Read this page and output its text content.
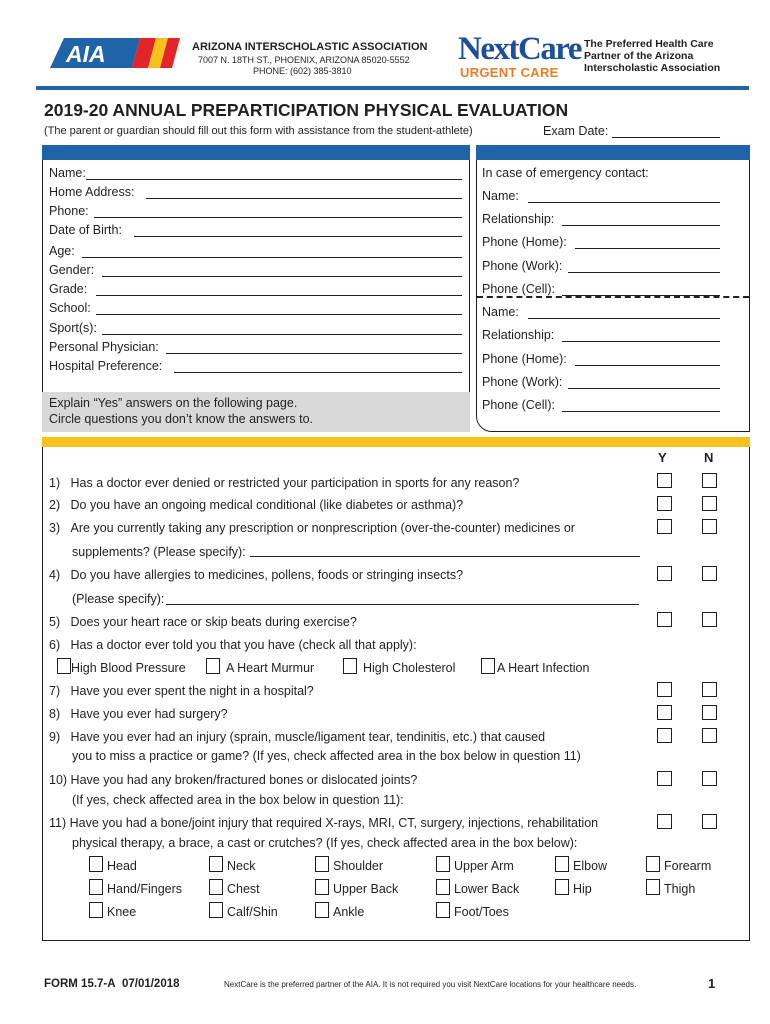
AIA	ARIZONA INTERSCHOLASTIC ASSOCIATION
7007 N. 18TH ST., PHOENIX, ARIZONA 85020-5552
PHONE: (602) 385-3810
NextCare
URGENT CARE
The Preferred Health Care
Partner of the Arizona
Interscholastic Association
2019-20 ANNUAL PREPARTICIPATION PHYSICAL EVALUATION
(The parent or guardian should fill out this form with assistance from the student-athlete)	Exam Date:
Name:
Home Address:
Phone:
Date of Birth:
Age:
Gender:
Grade:
School:
Sport(s):
Personal Physician:
Hospital Preference:
Explain “Yes” answers on the following page.
Circle questions you don’t know the answers to.
In case of emergency contact:
Name:
Relationship:
Phone (Home):
Phone (Work):
Phone (Cell):
Name:
Relationship:
Phone (Home):
Phone (Work):
Phone (Cell):
Y	N
1)   Has a doctor ever denied or restricted your participation in sports for any reason?
2)   Do you have an ongoing medical conditional (like diabetes or asthma)?
3)   Are you currently taking any prescription or nonprescription (over-the-counter) medicines or
supplements? (Please specify):
4)   Do you have allergies to medicines, pollens, foods or stringing insects?
(Please specify):
5)   Does your heart race or skip beats during exercise?
6)   Has a doctor ever told you that you have (check all that apply):
High Blood Pressure	A Heart Murmur	High Cholesterol	A Heart Infection
7)   Have you ever spent the night in a hospital?
8)   Have you ever had surgery?
9)   Have you ever had an injury (sprain, muscle/ligament tear, tendinitis, etc.) that caused
you to miss a practice or game? (If yes, check affected area in the box below in question 11)
10) Have you had any broken/fractured bones or dislocated joints?
(If yes, check affected area in the box below in question 11):
11) Have you had a bone/joint injury that required X-rays, MRI, CT, surgery, injections, rehabilitation
physical therapy, a brace, a cast or crutches? (If yes, check affected area in the box below):
Head	Neck	Shoulder	Upper Arm	Elbow	Forearm
Hand/Fingers	Chest	Upper Back	Lower Back	Hip	Thigh
Knee	Calf/Shin	Ankle	Foot/Toes
FORM 15.7-A  07/01/2018	NextCare is the preferred partner of the AIA. It is not required you visit NextCare locations for your healthcare needs.	1
